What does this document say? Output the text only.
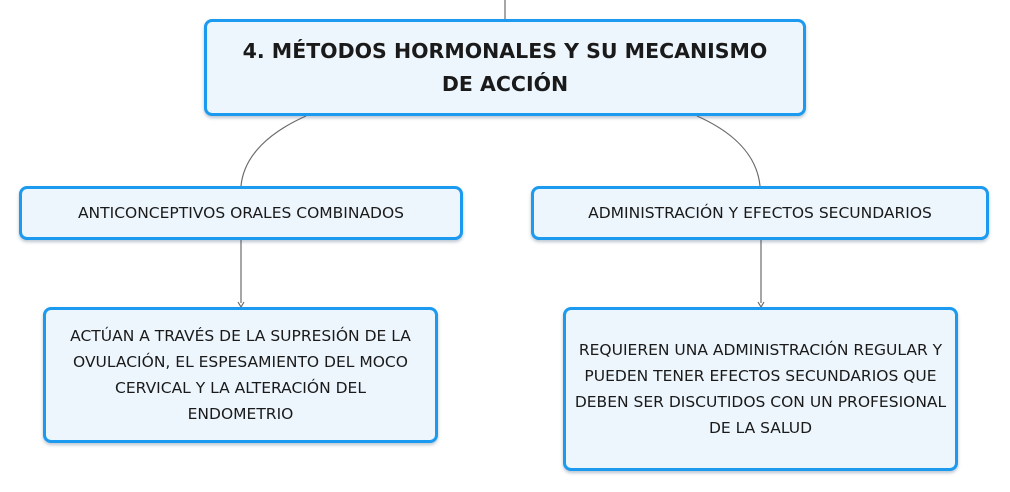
4. MÉTODOS HORMONALES Y SU MECANISMO DE ACCIÓN
ANTICONCEPTIVOS ORALES COMBINADOS	ADMINISTRACIÓN Y EFECTOS SECUNDARIOS
ACTÚAN A TRAVÉS DE LA SUPRESIÓN DE LA OVULACIÓN, EL ESPESAMIENTO DEL MOCO CERVICAL Y LA ALTERACIÓN DEL ENDOMETRIO
REQUIEREN UNA ADMINISTRACIÓN REGULAR Y PUEDEN TENER EFECTOS SECUNDARIOS QUE DEBEN SER DISCUTIDOS CON UN PROFESIONAL DE LA SALUD
